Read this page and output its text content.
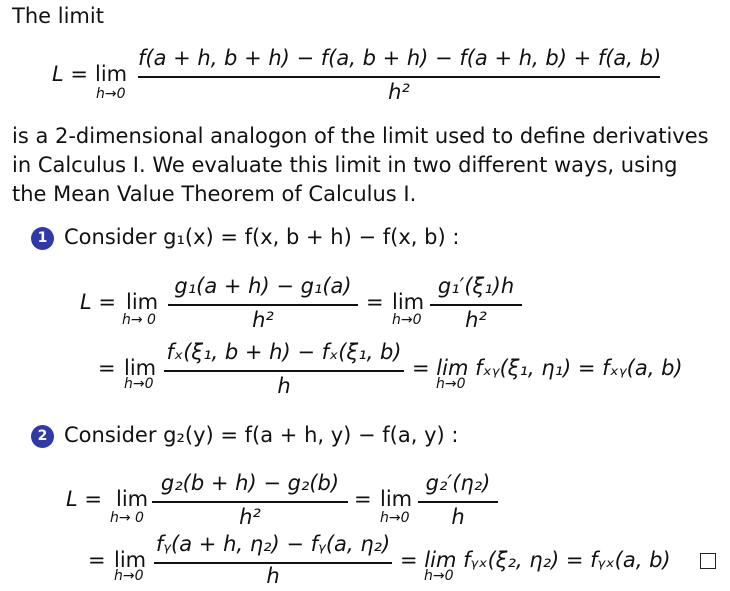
The limit
L = lim
h→0
f(a + h, b + h) − f(a, b + h) − f(a + h, b) + f(a, b)
h²
is a 2-dimensional analogon of the limit used to define derivatives
in Calculus I. We evaluate this limit in two different ways, using
the Mean Value Theorem of Calculus I.
1 Consider g₁(x) = f(x, b + h) − f(x, b) :
L = lim
h→ 0
g₁(a + h) − g₁(a)
h²
= lim
h→0
g₁′(ξ₁)h
h²
= lim
h→0
fₓ(ξ₁, b + h) − fₓ(ξ₁, b)
h
= lim fₓᵧ(ξ₁, η₁) = fₓᵧ(a, b)
h→0
2 Consider g₂(y) = f(a + h, y) − f(a, y) :
L = lim
h→ 0
g₂(b + h) − g₂(b)
h²
= lim
h→0
g₂′(η₂)
h
= lim
h→0
fᵧ(a + h, η₂) − fᵧ(a, η₂)
h
= lim fᵧₓ(ξ₂, η₂) = fᵧₓ(a, b)
h→0
